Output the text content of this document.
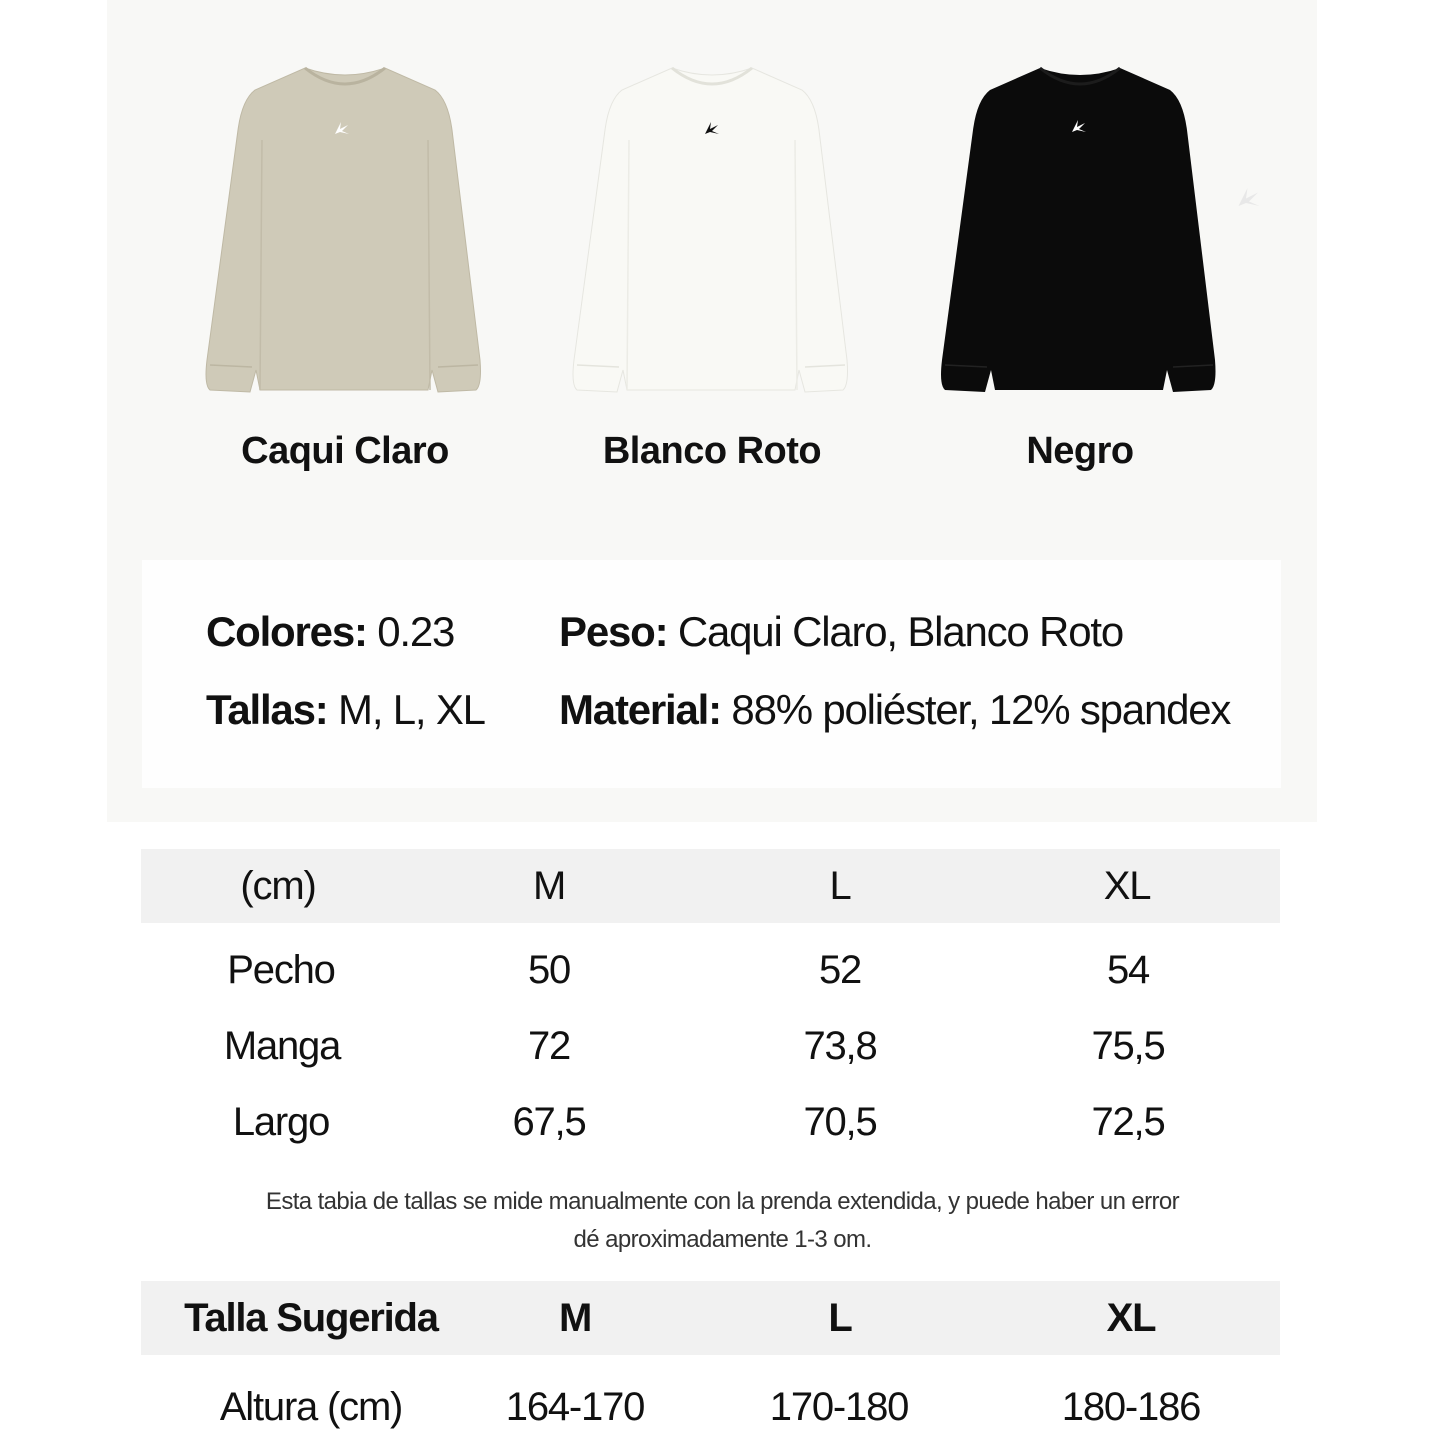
Caqui Claro	Blanco Roto	Negro
Colores: 0.23 Peso: Caqui Claro, Blanco Roto
Tallas: M, L, XL Material: 88% poliéster, 12% spandex
(cm)	M	L	XL
Pecho	50	52	54
Manga	72	73,8	75,5
Largo	67,5	70,5	72,5
Esta tabia de tallas se mide manualmente con la prenda extendida, y puede haber un error
dé aproximadamente 1-3 om.
Talla Sugerida	M	L	XL
Altura (cm)	164-170	170-180	180-186
